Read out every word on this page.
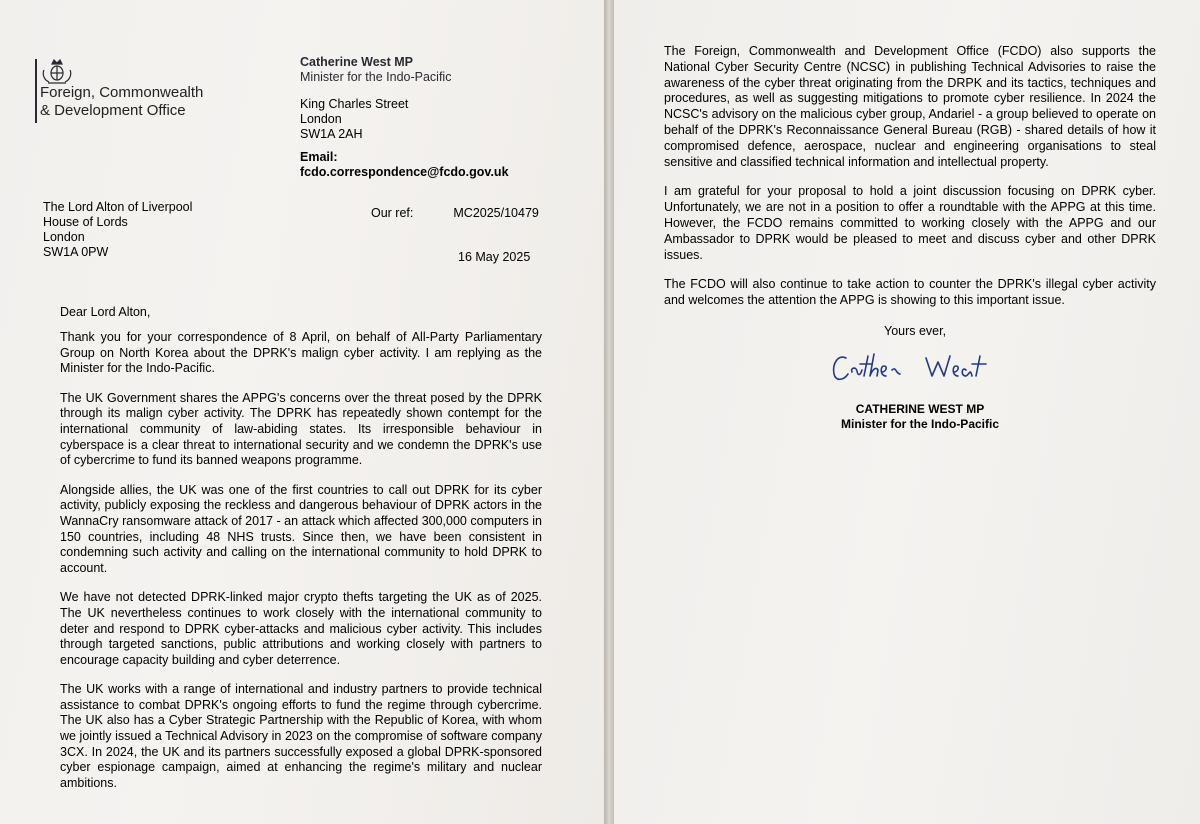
Foreign, Commonwealth
& Development Office
Catherine West MP
Minister for the Indo-Pacific
King Charles Street
London
SW1A 2AH
Email:
fcdo.correspondence@fcdo.gov.uk
The Lord Alton of Liverpool
House of Lords
London
SW1A 0PW
Our ref:	MC2025/10479
16 May 2025
Dear Lord Alton,

Thank you for your correspondence of 8 April, on behalf of All-Party Parliamentary Group on North Korea about the DPRK's malign cyber activity. I am replying as the Minister for the Indo-Pacific.

The UK Government shares the APPG's concerns over the threat posed by the DPRK through its malign cyber activity. The DPRK has repeatedly shown contempt for the international community of law-abiding states. Its irresponsible behaviour in cyberspace is a clear threat to international security and we condemn the DPRK's use of cybercrime to fund its banned weapons programme.

Alongside allies, the UK was one of the first countries to call out DPRK for its cyber activity, publicly exposing the reckless and dangerous behaviour of DPRK actors in the WannaCry ransomware attack of 2017 - an attack which affected 300,000 computers in 150 countries, including 48 NHS trusts. Since then, we have been consistent in condemning such activity and calling on the international community to hold DPRK to account.

We have not detected DPRK-linked major crypto thefts targeting the UK as of 2025. The UK nevertheless continues to work closely with the international community to deter and respond to DPRK cyber-attacks and malicious cyber activity. This includes through targeted sanctions, public attributions and working closely with partners to encourage capacity building and cyber deterrence.

The UK works with a range of international and industry partners to provide technical assistance to combat DPRK's ongoing efforts to fund the regime through cybercrime. The UK also has a Cyber Strategic Partnership with the Republic of Korea, with whom we jointly issued a Technical Advisory in 2023 on the compromise of software company 3CX. In 2024, the UK and its partners successfully exposed a global DPRK-sponsored cyber espionage campaign, aimed at enhancing the regime's military and nuclear ambitions.

The Foreign, Commonwealth and Development Office (FCDO) also supports the National Cyber Security Centre (NCSC) in publishing Technical Advisories to raise the awareness of the cyber threat originating from the DRPK and its tactics, techniques and procedures, as well as suggesting mitigations to promote cyber resilience. In 2024 the NCSC's advisory on the malicious cyber group, Andariel - a group believed to operate on behalf of the DPRK's Reconnaissance General Bureau (RGB) - shared details of how it compromised defence, aerospace, nuclear and engineering organisations to steal sensitive and classified technical information and intellectual property.

I am grateful for your proposal to hold a joint discussion focusing on DPRK cyber. Unfortunately, we are not in a position to offer a roundtable with the APPG at this time. However, the FCDO remains committed to working closely with the APPG and our Ambassador to DPRK would be pleased to meet and discuss cyber and other DPRK issues.

The FCDO will also continue to take action to counter the DPRK's illegal cyber activity and welcomes the attention the APPG is showing to this important issue.

Yours ever,
CATHERINE WEST MP
Minister for the Indo-Pacific
